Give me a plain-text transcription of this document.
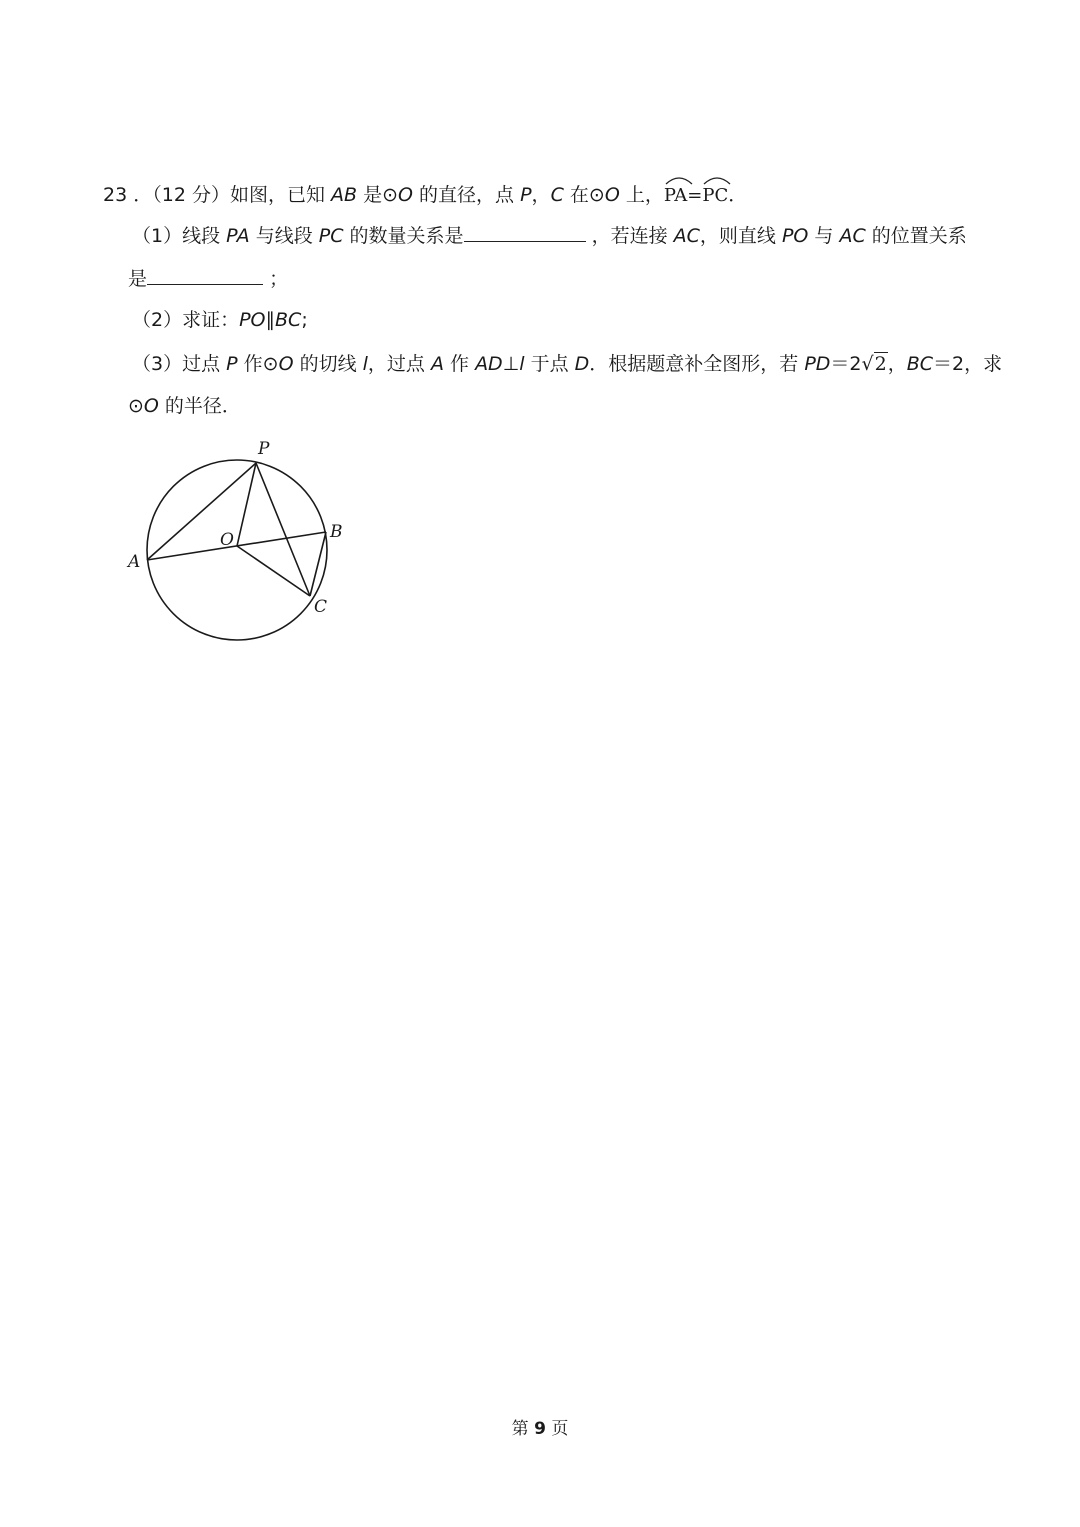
23 ．（12 分）如图，已知 AB 是⊙O 的直径，点 P，C 在⊙O 上，
PA=
PC．
（1）线段 PA 与线段 PC 的数量关系是	，若连接 AC，则直线 PO 与 AC 的位置关系
是	；
（2）求证：PO∥BC;
（3）过点 P 作⊙O 的切线 l，过点 A 作 AD⊥l 于点 D．根据题意补全图形，若 PD＝2√2，BC＝2，求
⊙O 的半径．
P
B
A
O
C
第 9 页
